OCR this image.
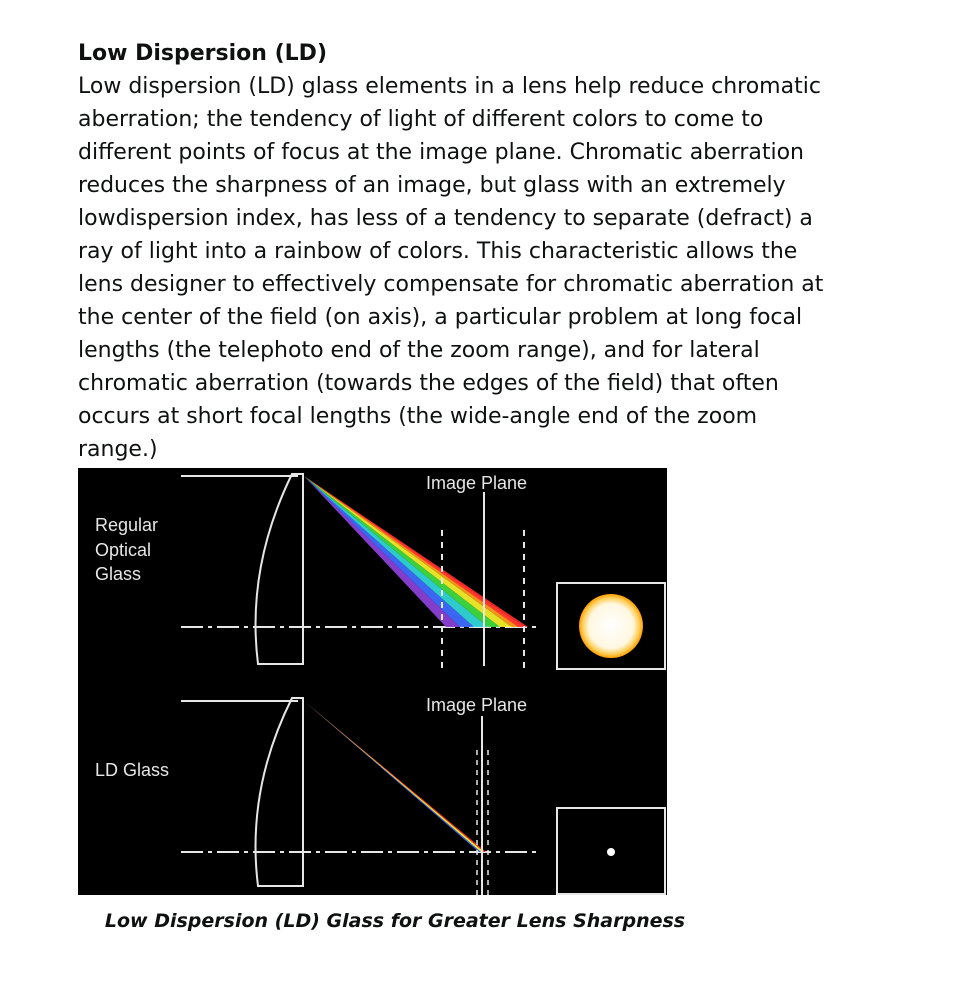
Low Dispersion (LD)

Low dispersion (LD) glass elements in a lens help reduce chromatic aberration; the tendency of light of different colors to come to different points of focus at the image plane. Chromatic aberration reduces the sharpness of an image, but glass with an extremely lowdispersion index, has less of a tendency to separate (defract) a ray of light into a rainbow of colors. This characteristic allows the lens designer to effectively compensate for chromatic aberration at the center of the field (on axis), a particular problem at long focal lengths (the telephoto end of the zoom range), and for lateral chromatic aberration (towards the edges of the field) that often occurs at short focal lengths (the wide-angle end of the zoom range.)

Regular
Optical
Glass
Image Plane
LD Glass
Image Plane
Low Dispersion (LD) Glass for Greater Lens Sharpness
